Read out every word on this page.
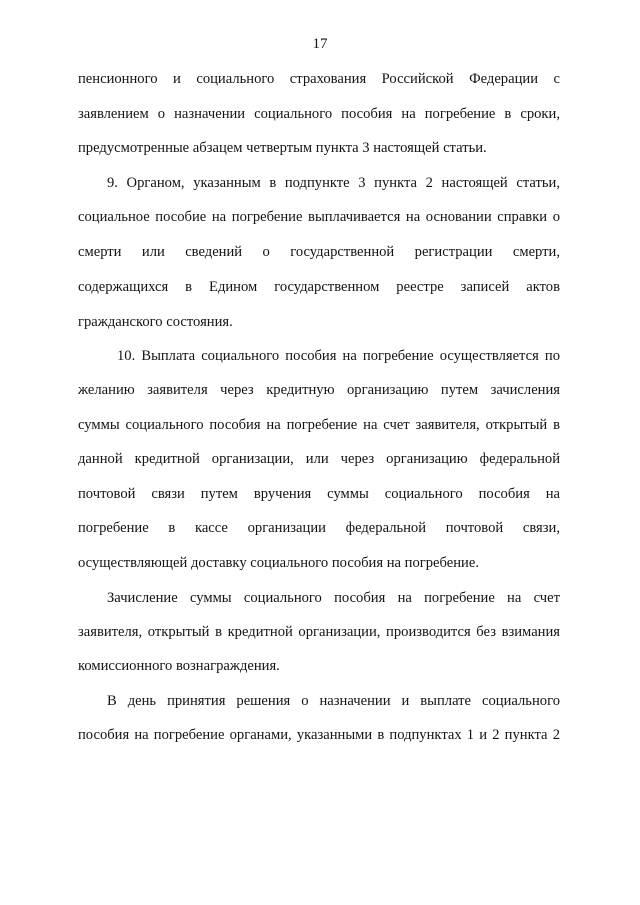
17
пенсионного и социального страхования Российской Федерации с
заявлением о назначении социального пособия на погребение в сроки,
предусмотренные абзацем четвертым пункта 3 настоящей статьи.
9. Органом, указанным в подпункте 3 пункта 2 настоящей статьи,
социальное пособие на погребение выплачивается на основании справки о
смерти или сведений о государственной регистрации смерти,
содержащихся в Едином государственном реестре записей актов
гражданского состояния.
10. Выплата социального пособия на погребение осуществляется по
желанию заявителя через кредитную организацию путем зачисления
суммы социального пособия на погребение на счет заявителя, открытый в
данной кредитной организации, или через организацию федеральной
почтовой связи путем вручения суммы социального пособия на
погребение в кассе организации федеральной почтовой связи,
осуществляющей доставку социального пособия на погребение.
Зачисление суммы социального пособия на погребение на счет
заявителя, открытый в кредитной организации, производится без взимания
комиссионного вознаграждения.
В день принятия решения о назначении и выплате социального
пособия на погребение органами, указанными в подпунктах 1 и 2 пункта 2
